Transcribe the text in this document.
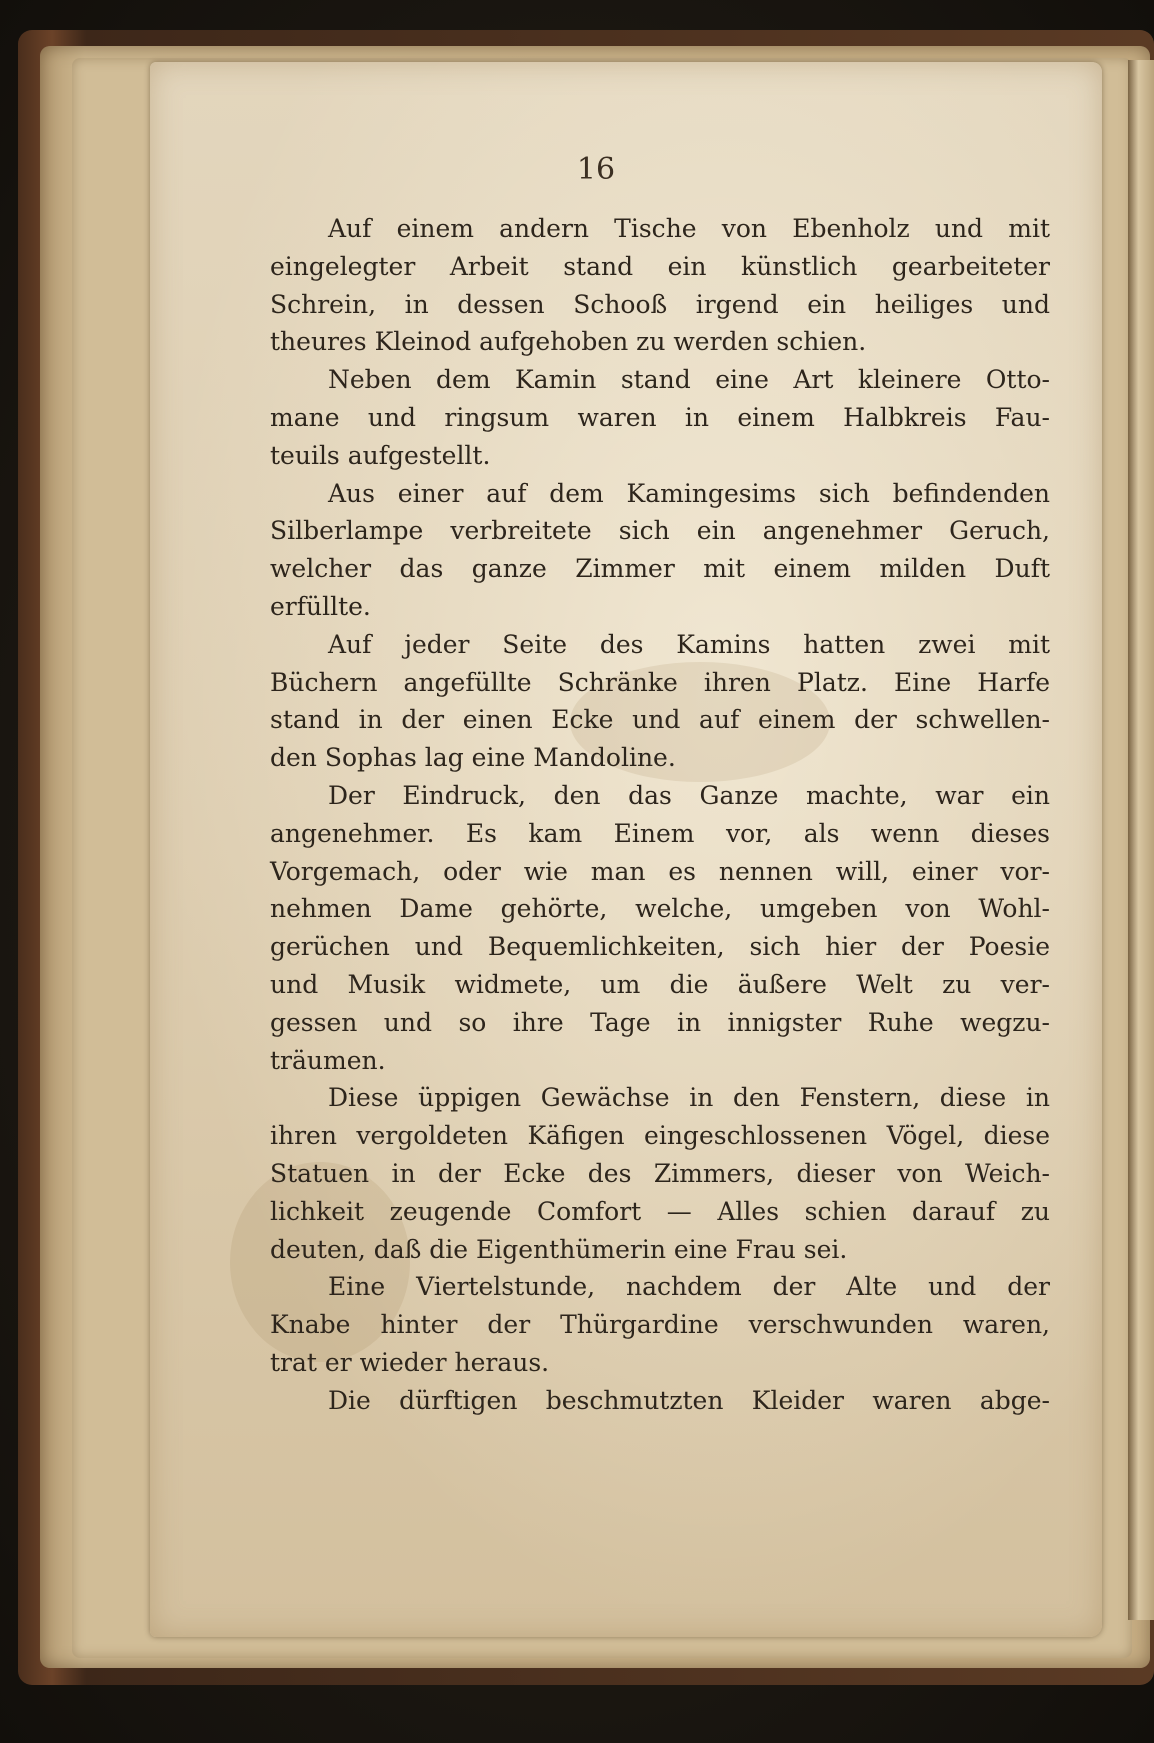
16
Auf einem andern Tische von Ebenholz und mit
eingelegter Arbeit stand ein künstlich gearbeiteter
Schrein, in dessen Schooß irgend ein heiliges und
theures Kleinod aufgehoben zu werden schien.
Neben dem Kamin stand eine Art kleinere Otto-
mane und ringsum waren in einem Halbkreis Fau-
teuils aufgestellt.
Aus einer auf dem Kamingesims sich befindenden
Silberlampe verbreitete sich ein angenehmer Geruch,
welcher das ganze Zimmer mit einem milden Duft
erfüllte.
Auf jeder Seite des Kamins hatten zwei mit
Büchern angefüllte Schränke ihren Platz. Eine Harfe
stand in der einen Ecke und auf einem der schwellen-
den Sophas lag eine Mandoline.
Der Eindruck, den das Ganze machte, war ein
angenehmer. Es kam Einem vor, als wenn dieses
Vorgemach, oder wie man es nennen will, einer vor-
nehmen Dame gehörte, welche, umgeben von Wohl-
gerüchen und Bequemlichkeiten, sich hier der Poesie
und Musik widmete, um die äußere Welt zu ver-
gessen und so ihre Tage in innigster Ruhe wegzu-
träumen.
Diese üppigen Gewächse in den Fenstern, diese in
ihren vergoldeten Käfigen eingeschlossenen Vögel, diese
Statuen in der Ecke des Zimmers, dieser von Weich-
lichkeit zeugende Comfort — Alles schien darauf zu
deuten, daß die Eigenthümerin eine Frau sei.
Eine Viertelstunde, nachdem der Alte und der
Knabe hinter der Thürgardine verschwunden waren,
trat er wieder heraus.
Die dürftigen beschmutzten Kleider waren abge-
